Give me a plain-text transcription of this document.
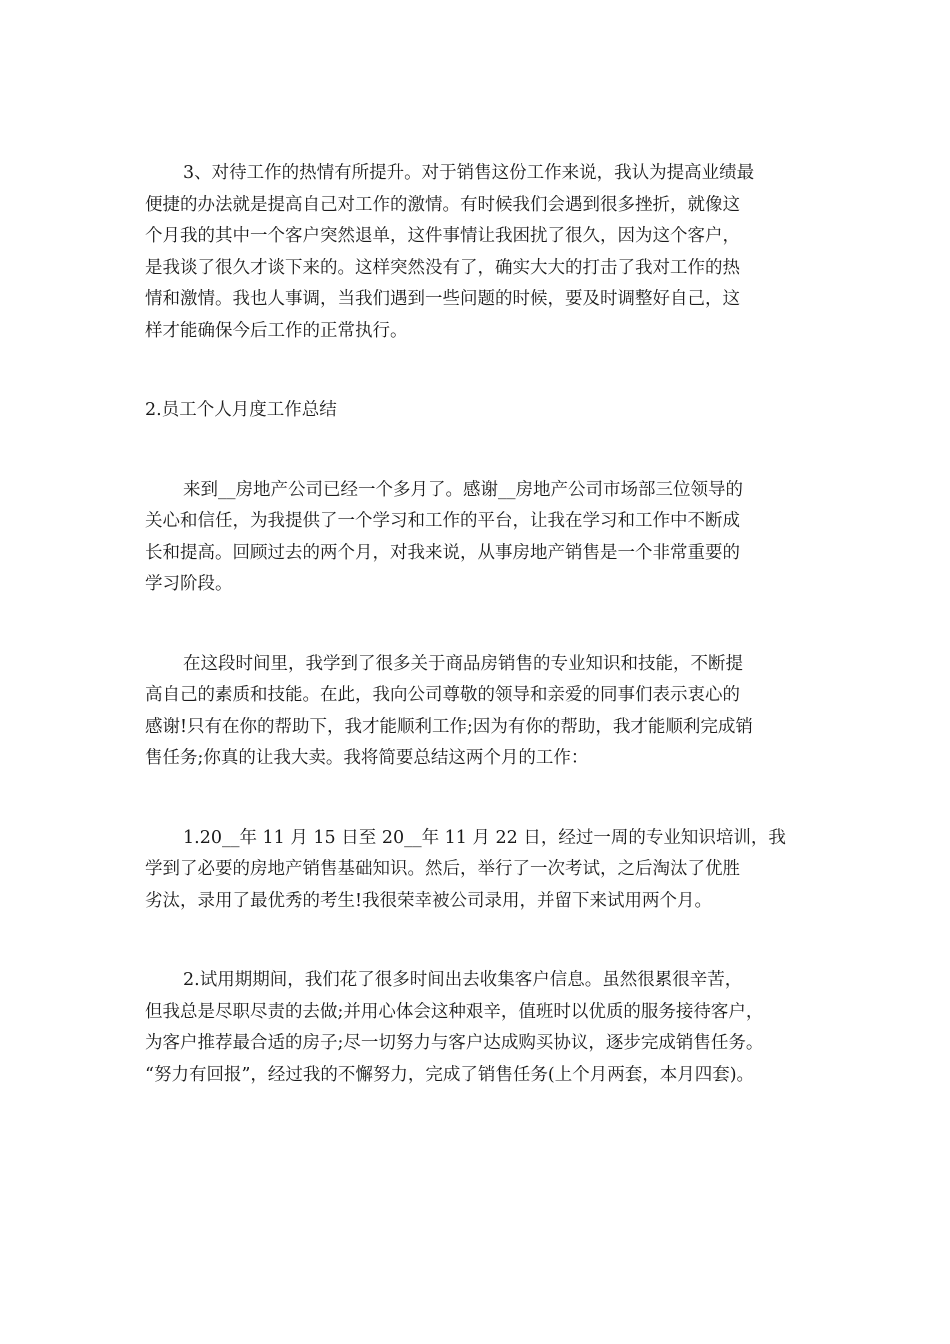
3、对待工作的热情有所提升。对于销售这份工作来说，我认为提高业绩最
便捷的办法就是提高自己对工作的激情。有时候我们会遇到很多挫折，就像这
个月我的其中一个客户突然退单，这件事情让我困扰了很久，因为这个客户，
是我谈了很久才谈下来的。这样突然没有了，确实大大的打击了我对工作的热
情和激情。我也人事调，当我们遇到一些问题的时候，要及时调整好自己，这
样才能确保今后工作的正常执行。

2.员工个人月度工作总结

来到__房地产公司已经一个多月了。感谢__房地产公司市场部三位领导的
关心和信任，为我提供了一个学习和工作的平台，让我在学习和工作中不断成
长和提高。回顾过去的两个月，对我来说，从事房地产销售是一个非常重要的
学习阶段。

在这段时间里，我学到了很多关于商品房销售的专业知识和技能，不断提
高自己的素质和技能。在此，我向公司尊敬的领导和亲爱的同事们表示衷心的
感谢!只有在你的帮助下，我才能顺利工作;因为有你的帮助，我才能顺利完成销
售任务;你真的让我大卖。我将简要总结这两个月的工作：

1.20__年 11 月 15 日至 20__年 11 月 22 日，经过一周的专业知识培训，我
学到了必要的房地产销售基础知识。然后，举行了一次考试，之后淘汰了优胜
劣汰，录用了最优秀的考生!我很荣幸被公司录用，并留下来试用两个月。

2.试用期期间，我们花了很多时间出去收集客户信息。虽然很累很辛苦，
但我总是尽职尽责的去做;并用心体会这种艰辛，值班时以优质的服务接待客户，
为客户推荐最合适的房子;尽一切努力与客户达成购买协议，逐步完成销售任务。
“努力有回报”，经过我的不懈努力，完成了销售任务(上个月两套，本月四套)。
